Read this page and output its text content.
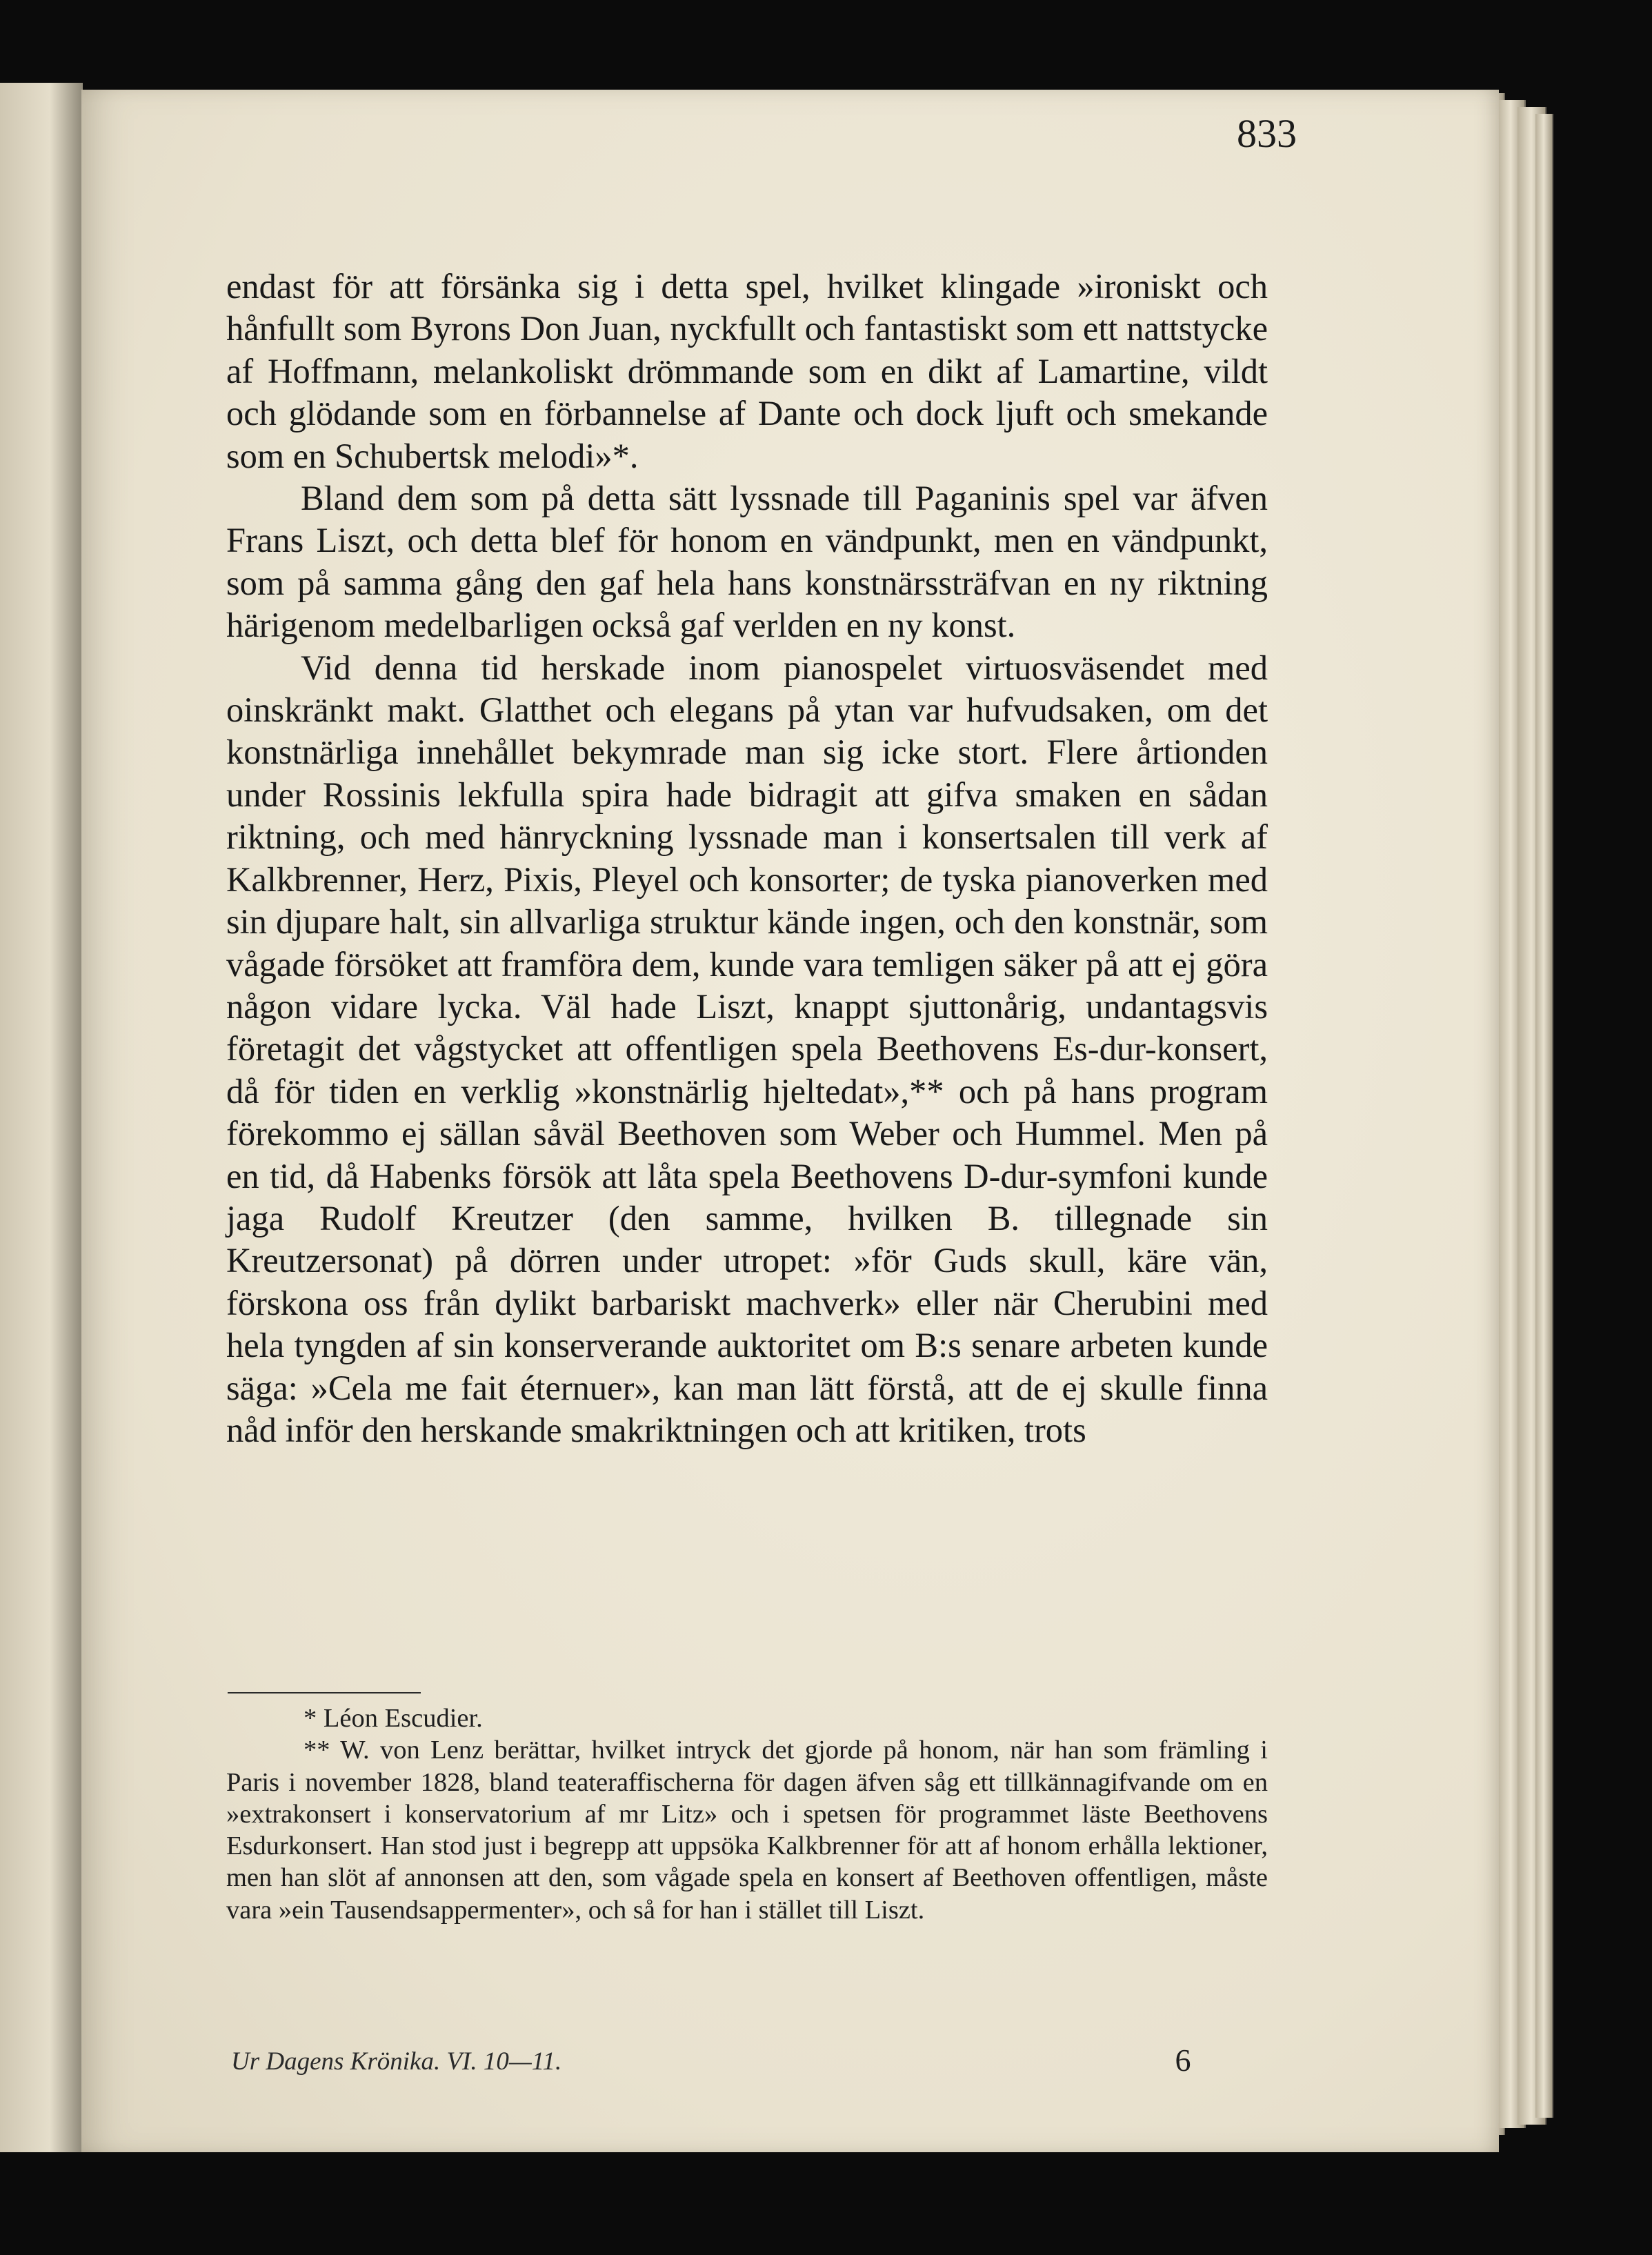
833

endast för att försänka sig i detta spel, hvilket klingade »ironiskt och hånfullt som Byrons Don Juan, nyckfullt och fantastiskt som ett nattstycke af Hoffmann, melankoliskt drömmande som en dikt af Lamartine, vildt och glödande som en förbannelse af Dante och dock ljuft och smekande som en Schubertsk melodi»*.

Bland dem som på detta sätt lyssnade till Paganinis spel var äfven Frans Liszt, och detta blef för honom en vändpunkt, men en vändpunkt, som på samma gång den gaf hela hans konstnärssträfvan en ny riktning härigenom medelbarligen också gaf verlden en ny konst.

Vid denna tid herskade inom pianospelet virtuosväsendet med oinskränkt makt. Glatthet och elegans på ytan var hufvudsaken, om det konstnärliga innehållet bekymrade man sig icke stort. Flere årtionden under Rossinis lekfulla spira hade bidragit att gifva smaken en sådan riktning, och med hänryckning lyssnade man i konsertsalen till verk af Kalkbrenner, Herz, Pixis, Pleyel och konsorter; de tyska pianoverken med sin djupare halt, sin allvarliga struktur kände ingen, och den konstnär, som vågade försöket att framföra dem, kunde vara temligen säker på att ej göra någon vidare lycka. Väl hade Liszt, knappt sjuttonårig, undantagsvis företagit det vågstycket att offentligen spela Beethovens Es-dur-konsert, då för tiden en verklig »konstnärlig hjeltedat»,** och på hans program förekommo ej sällan såväl Beethoven som Weber och Hummel. Men på en tid, då Habenks försök att låta spela Beethovens D-dur-symfoni kunde jaga Rudolf Kreutzer (den samme, hvilken B. tillegnade sin Kreutzersonat) på dörren under utropet: »för Guds skull, käre vän, förskona oss från dylikt barbariskt machverk» eller när Cherubini med hela tyngden af sin konserverande auktoritet om B:s senare arbeten kunde säga: »Cela me fait éternuer», kan man lätt förstå, att de ej skulle finna nåd inför den herskande smakriktningen och att kritiken, trots

* Léon Escudier.

** W. von Lenz berättar, hvilket intryck det gjorde på honom, när han som främling i Paris i november 1828, bland teateraffischerna för dagen äfven såg ett tillkännagifvande om en »extrakonsert i konservatorium af mr Litz» och i spetsen för programmet läste Beethovens Esdurkonsert. Han stod just i begrepp att uppsöka Kalkbrenner för att af honom erhålla lektioner, men han slöt af annonsen att den, som vågade spela en konsert af Beethoven offentligen, måste vara »ein Tausendsappermenter», och så for han i stället till Liszt.

Ur Dagens Krönika. VI. 10—11.	6
